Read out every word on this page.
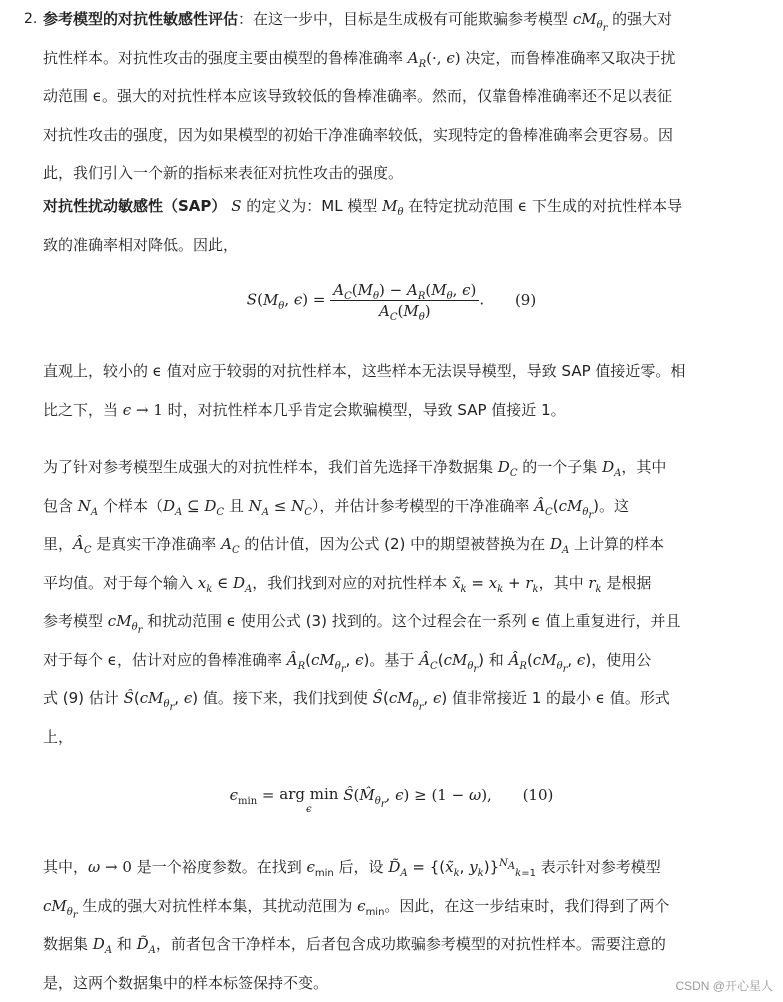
2. 参考模型的对抗性敏感性评估：在这一步中，目标是生成极有可能欺骗参考模型 $cM_{\theta_r}$ 的强大对
抗性样本。对抗性攻击的强度主要由模型的鲁棒准确率 $A_R(\cdot$, ϵ) 决定，而鲁棒准确率又取决于扰
动范围 ϵ。强大的对抗性样本应该导致较低的鲁棒准确率。然而，仅靠鲁棒准确率还不足以表征
对抗性攻击的强度，因为如果模型的初始干净准确率较低，实现特定的鲁棒准确率会更容易。因
此，我们引入一个新的指标来表征对抗性攻击的强度。
对抗性扰动敏感性（SAP） S 的定义为：ML 模型 $M_\theta$ 在特定扰动范围 ϵ 下生成的对抗性样本导
致的准确率相对降低。因此，
$S(M_\theta$, $\epsilon) = \frac{A_C(M_\theta) - A_R(M_\theta, \epsilon)}{A_C(M_\theta)}$ . (9)
直观上，较小的 ϵ 值对应于较弱的对抗性样本，这些样本无法误导模型，导致 SAP 值接近零。相
比之下，当 ϵ → 1 时，对抗性样本几乎肯定会欺骗模型，导致 SAP 值接近 1。
为了针对参考模型生成强大的对抗性样本，我们首先选择干净数据集 $D_C$ 的一个子集 $D_A$，其中
包含 $N_A$ 个样本（$D_A$ ⊆ $D_C$ 且 $N_A \le N_C$），并估计参考模型的干净准确率 $Â_C(cM_{\theta_r})$。这
里，$Â_C$ 是真实干净准确率 $A_C$ 的估计值，因为公式 (2) 中的期望被替换为在 $D_A$ 上计算的样本
平均值。对于每个输入 $x_k$ ∈ $D_A$，我们找到对应的对抗性样本 $x̃_k = x_k + r_k$，其中 $r_k$ 是根据
参考模型 $cM_{\theta_r}$ 和扰动范围 ϵ 使用公式 (3) 找到的。这个过程会在一系列 ϵ 值上重复进行，并且
对于每个 ϵ，估计对应的鲁棒准确率 $Â_R(cM_{\theta_r}$, ϵ)。基于 $Â_C(cM_{\theta_r})$ 和 $Â_R(cM_{\theta_r}$, ϵ)，使用公
式 (9) 估计 $Ŝ(cM_{\theta_r}$, ϵ) 值。接下来，我们找到使 $Ŝ(cM_{\theta_r}$, ϵ) 值非常接近 1 的最小 ϵ 值。形式
上，
$\epsilon_{min}$ = arg min
ϵ
$Ŝ(M̂_{\theta_r}$, ϵ) ≥ (1 − ω), (10)
其中，ω → 0 是一个裕度参数。在找到 $\epsilon_{min}$ 后，设 $D̃_A$ = {($x̃_k$, $y_k)\}^{N_A}_{k=1}$ 表示针对参考模型
$cM_{\theta_r}$ 生成的强大对抗性样本集，其扰动范围为 $\epsilon_{min}$。因此，在这一步结束时，我们得到了两个
数据集 $D_A$ 和 $D̃_A$，前者包含干净样本，后者包含成功欺骗参考模型的对抗性样本。需要注意的
是，这两个数据集中的样本标签保持不变。	CSDN @开心星人
